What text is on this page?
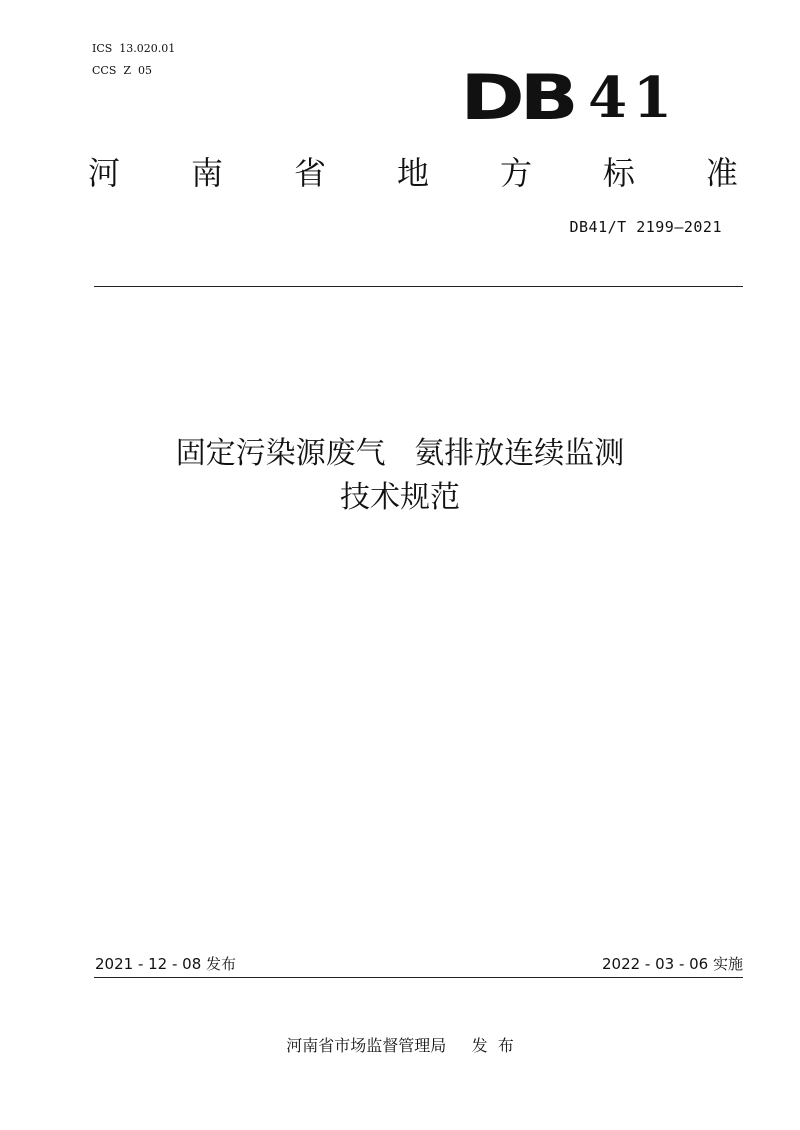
ICS  13.020.01
CCS  Z  05	DB 41
河 南 省 地 方 标 准
DB41/T 2199—2021
固定污染源废气   氨排放连续监测
技术规范
2021 - 12 - 08 发布	2022 - 03 - 06 实施
河南省市场监督管理局     发  布
